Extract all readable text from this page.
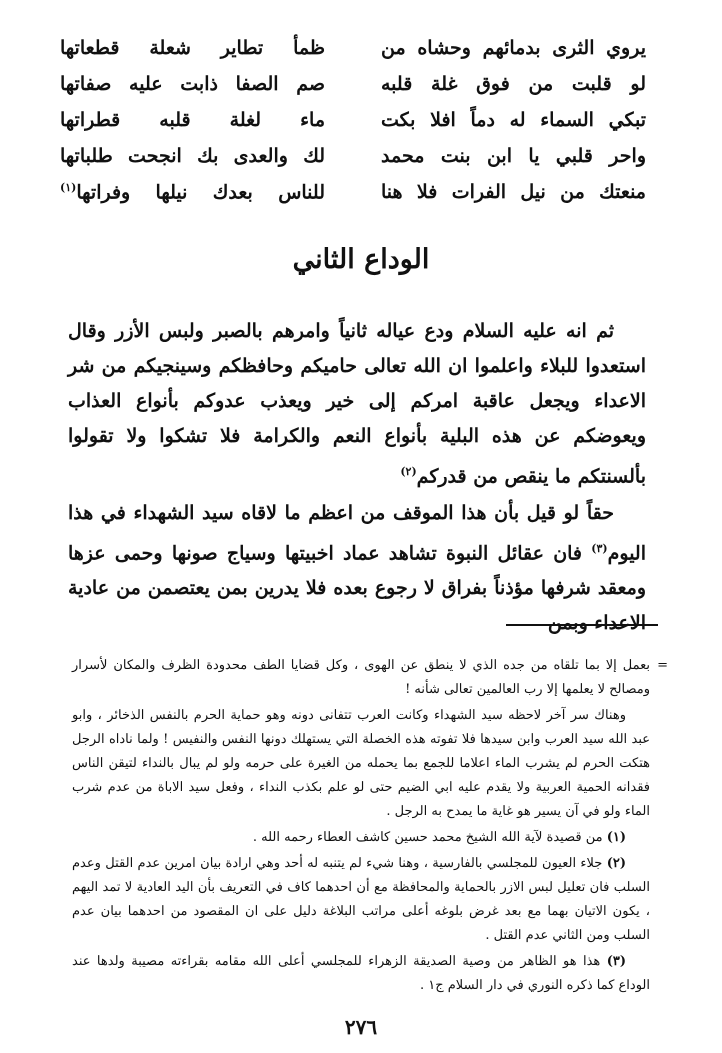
يروي الثرى بدمائهم وحشاه من
ظمأ تطاير شعلة قطعاتها
لو قلبت من فوق غلة قلبه
صم الصفا ذابت عليه صفاتها
تبكي السماء له دماً افلا بكت
ماء لغلة قلبه قطراتها
واحر قلبي يا ابن بنت محمد
لك والعدى بك انجحت طلباتها
منعتك من نيل الفرات فلا هنا
للناس بعدك نيلها وفراتها$^{(١)}$
الوداع الثاني

ثم انه عليه السلام ودع عياله ثانياً وامرهم بالصبر ولبس الأزر وقال استعدوا للبلاء واعلموا ان الله تعالى حاميكم وحافظكم وسينجيكم من شر الاعداء ويجعل عاقبة امركم إلى خير ويعذب عدوكم بأنواع العذاب ويعوضكم عن هذه البلية بأنواع النعم والكرامة فلا تشكوا ولا تقولوا بألسنتكم ما ينقص من قدركم$^{(٢)}$

حقاً لو قيل بأن هذا الموقف من اعظم ما لاقاه سيد الشهداء في هذا اليوم$^{(٣)}$ فان عقائل النبوة تشاهد عماد اخبيتها وسياج صونها وحمى عزها ومعقد شرفها مؤذناً بفراق لا رجوع بعده فلا يدرين بمن يعتصمن من عادية الاعداء وبمن

=
بعمل إلا بما تلقاه من جده الذي لا ينطق عن الهوى ، وكل قضايا الطف محدودة الظرف والمكان لأسرار ومصالح لا يعلمها إلا رب العالمين تعالى شأنه !

وهناك سر آخر لاحظه سيد الشهداء وكانت العرب تتفانى دونه وهو حماية الحرم بالنفس الذخائر ، وابو عبد الله سيد العرب وابن سيدها فلا تفوته هذه الخصلة التي يستهلك دونها النفس والنفيس ! ولما ناداه الرجل هتكت الحرم لم يشرب الماء اعلاما للجمع بما يحمله من الغيرة على حرمه ولو لم يبال بالنداء لتيقن الناس فقدانه الحمية العربية ولا يقدم عليه ابي الضيم حتى لو علم بكذب النداء ، وفعل سيد الاباة من عدم شرب الماء ولو في آن يسير هو غاية ما يمدح به الرجل .

(١) من قصيدة لآية الله الشيخ محمد حسين كاشف العطاء رحمه الله .

(٢) جلاء العيون للمجلسي بالفارسية ، وهنا شيء لم يتنبه له أحد وهي ارادة بيان امرين عدم القتل وعدم السلب فان تعليل لبس الازر بالحماية والمحافظة مع أن احدهما كاف في التعريف بأن اليد العادية لا تمد اليهم ، يكون الاتيان بهما مع بعد غرض بلوغه أعلى مراتب البلاغة دليل على ان المقصود من احدهما بيان عدم السلب ومن الثاني عدم القتل .

(٣) هذا هو الظاهر من وصية الصديقة الزهراء للمجلسي أعلى الله مقامه بقراءته مصيبة ولدها عند الوداع كما ذكره النوري في دار السلام ج١ .

٢٧٦
